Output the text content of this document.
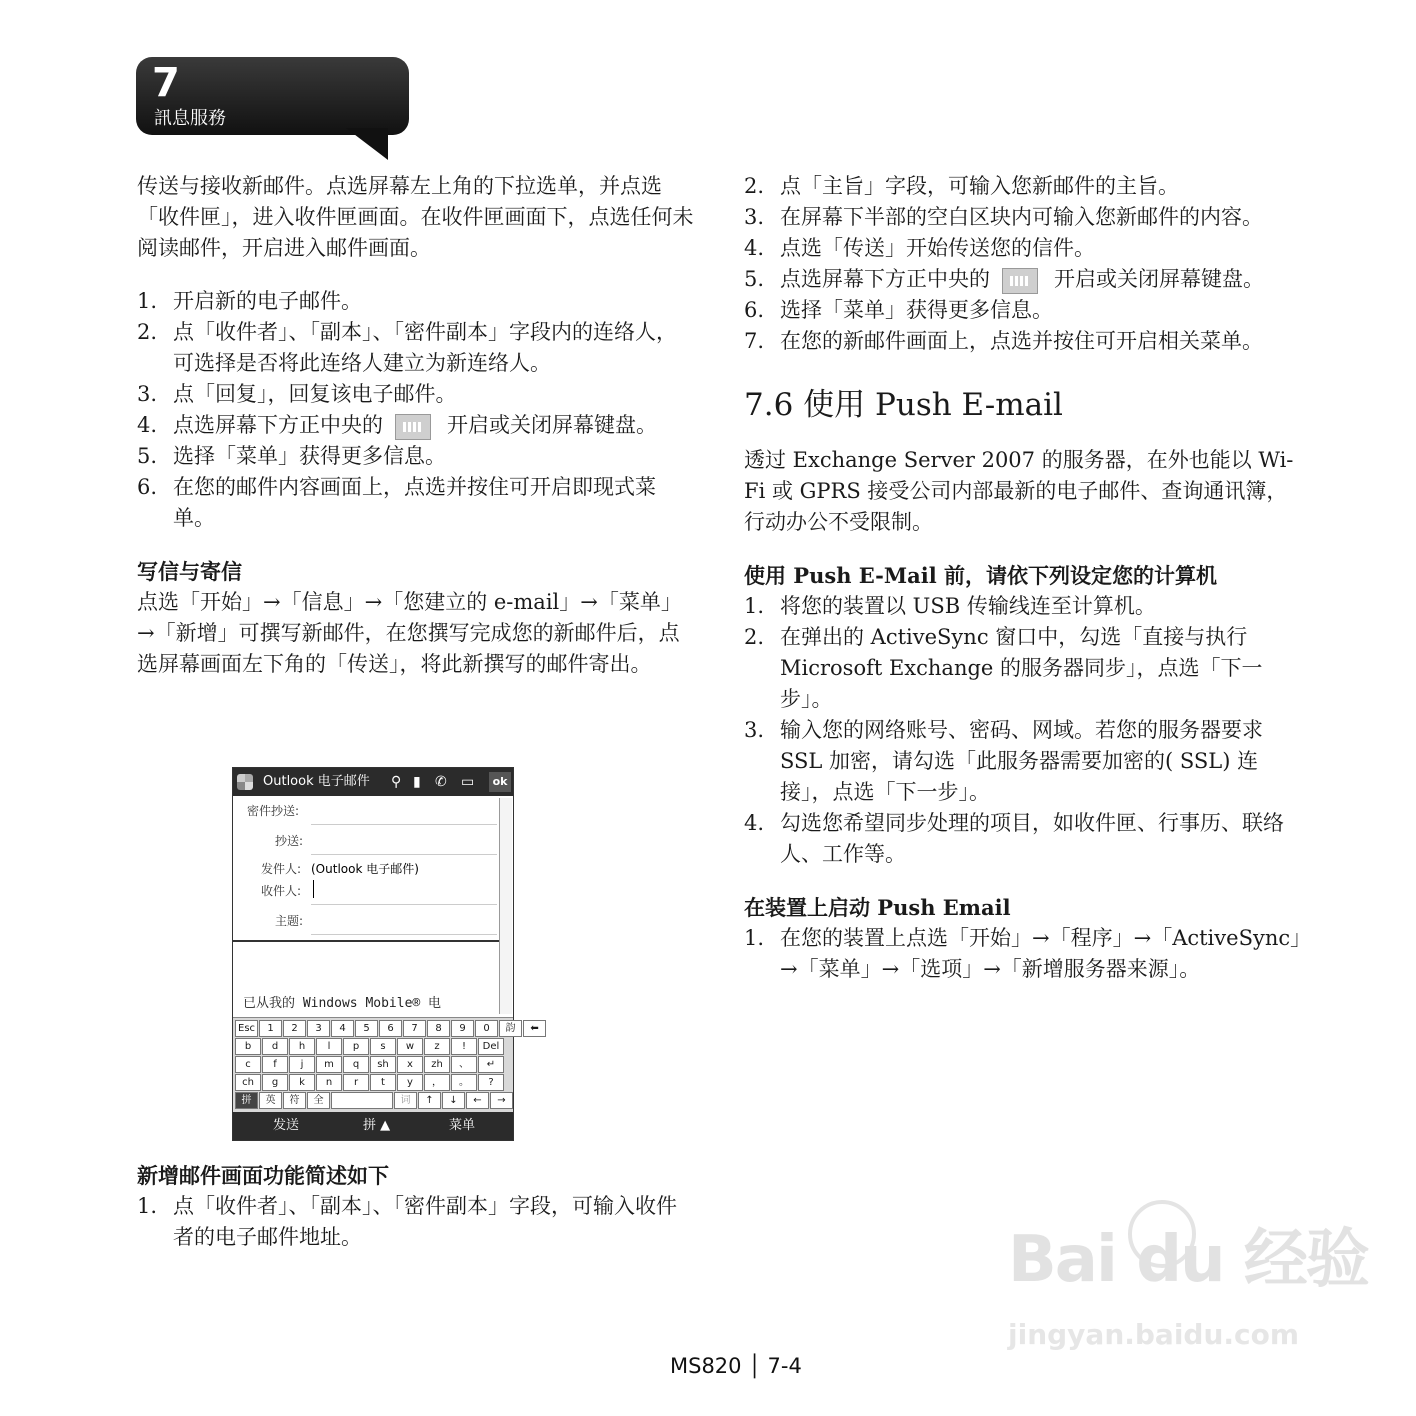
7
訊息服務

传送与接收新邮件。点选屏幕左上角的下拉选单，并点选「收件匣」，进入收件匣画面。在收件匣画面下，点选任何未阅读邮件，开启进入邮件画面。

1. 开启新的电子邮件。
2. 点「收件者」、「副本」、「密件副本」字段内的连络人，可选择是否将此连络人建立为新连络人。
3. 点「回复」，回复该电子邮件。
4. 点选屏幕下方正中央的	开启或关闭屏幕键盘。
5. 选择「菜单」获得更多信息。
6. 在您的邮件内容画面上，点选并按住可开启即现式菜单。

写信与寄信

点选「开始」→「信息」→「您建立的 e-mail」→「菜单」→「新增」可撰写新邮件，在您撰写完成您的新邮件后，点选屏幕画面左下角的「传送」，将此新撰写的邮件寄出。

Outlook 电子邮件 ⚲ ▮ ✆ ▭	ok
密件抄送:
抄送:
发件人: (Outlook 电子邮件)
收件人:
主题:
已从我的 Windows Mobile® 电
Esc	1	2	3	4	5	6	7	8	9	0	韵	⬅
b	d	h	l	p	s	w	z	!	Del
c	f	j	m	q	sh	x	zh	、	↵
ch	g	k	n	r	t	y	，	。	?
拼	英	符	全	词	↑	↓	←	→
发送	拼 ▲	菜单

新增邮件画面功能简述如下

1. 点「收件者」、「副本」、「密件副本」字段，可输入收件者的电子邮件地址。
2. 点「主旨」字段，可输入您新邮件的主旨。
3. 在屏幕下半部的空白区块内可输入您新邮件的内容。
4. 点选「传送」开始传送您的信件。
5. 点选屏幕下方正中央的	开启或关闭屏幕键盘。
6. 选择「菜单」获得更多信息。
7. 在您的新邮件画面上，点选并按住可开启相关菜单。

7.6 使用 Push E-mail

透过 Exchange Server 2007 的服务器，在外也能以 Wi-Fi 或 GPRS 接受公司内部最新的电子邮件、查询通讯簿，行动办公不受限制。

使用 Push E-Mail 前，请依下列设定您的计算机

1. 将您的装置以 USB 传输线连至计算机。
2. 在弹出的 ActiveSync 窗口中，勾选「直接与执行 Microsoft Exchange 的服务器同步」，点选「下一步」。
3. 输入您的网络账号、密码、网域。若您的服务器要求 SSL 加密，请勾选「此服务器需要加密的( SSL) 连接」，点选「下一步」。
4. 勾选您希望同步处理的项目，如收件匣、行事历、联络人、工作等。

在装置上启动 Push Email

1. 在您的装置上点选「开始」→「程序」→「ActiveSync」→「菜单」→「选项」→「新增服务器来源」。
Bai du 经验
jingyan.baidu.com
MS820 │ 7-4
